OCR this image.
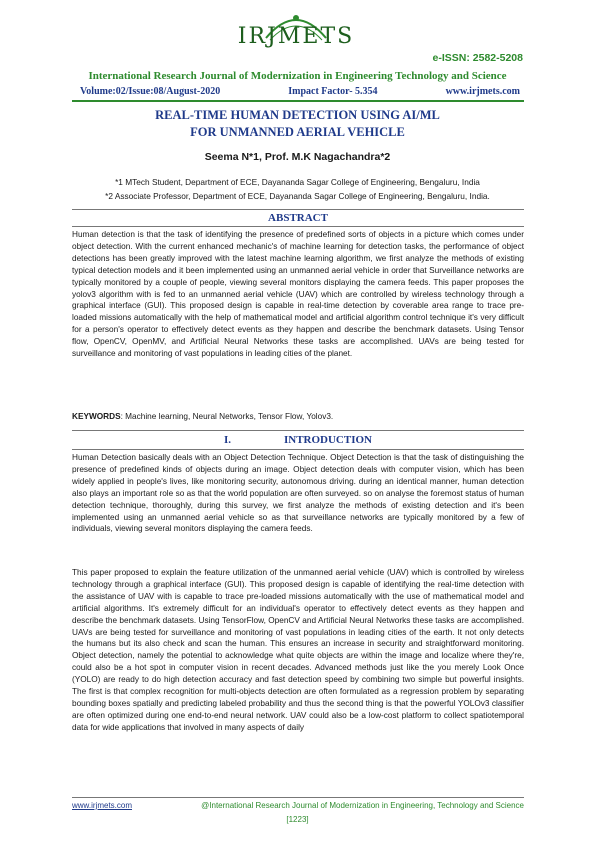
IRJMETS
e-ISSN: 2582-5208
International Research Journal of Modernization in Engineering Technology and Science
Volume:02/Issue:08/August-2020	Impact Factor- 5.354	www.irjmets.com
REAL-TIME HUMAN DETECTION USING AI/ML
FOR UNMANNED AERIAL VEHICLE
Seema N*1, Prof. M.K Nagachandra*2
*1 MTech Student, Department of ECE, Dayananda Sagar College of Engineering, Bengaluru, India
*2 Associate Professor, Department of ECE, Dayananda Sagar College of Engineering, Bengaluru, India.
ABSTRACT

Human detection is that the task of identifying the presence of predefined sorts of objects in a picture which comes under object detection. With the current enhanced mechanic's of machine learning for detection tasks, the performance of object detections has been greatly improved with the latest machine learning algorithm, we first analyze the methods of existing typical detection models and it been implemented using an unmanned aerial vehicle in order that Surveillance networks are typically monitored by a couple of people, viewing several monitors displaying the camera feeds. This paper proposes the yolov3 algorithm with is fed to an unmanned aerial vehicle (UAV) which are controlled by wireless technology through a graphical interface (GUI). This proposed design is capable in real-time detection by coverable area range to trace pre-loaded missions automatically with the help of mathematical model and artificial algorithm control technique it's very difficult for a person's operator to effectively detect events as they happen and describe the benchmark datasets. Using Tensor flow, OpenCV, OpenMV, and Artificial Neural Networks these tasks are accomplished. UAVs are being tested for surveillance and monitoring of vast populations in leading cities of the planet.

KEYWORDS: Machine learning, Neural Networks, Tensor Flow, Yolov3.

I.	INTRODUCTION

Human Detection basically deals with an Object Detection Technique. Object Detection is that the task of distinguishing the presence of predefined kinds of objects during an image. Object detection deals with computer vision, which has been widely applied in people's lives, like monitoring security, autonomous driving. during an identical manner, human detection also plays an important role so as that the world population are often surveyed. so on analyse the foremost status of human detection technique, thoroughly, during this survey, we first analyze the methods of existing detection and it's been implemented using an unmanned aerial vehicle so as that surveillance networks are typically monitored by a few of individuals, viewing several monitors displaying the camera feeds.

This paper proposed to explain the feature utilization of the unmanned aerial vehicle (UAV) which is controlled by wireless technology through a graphical interface (GUI). This proposed design is capable of identifying the real-time detection with the assistance of UAV with is capable to trace pre-loaded missions automatically with the use of mathematical model and artificial algorithms. It's extremely difficult for an individual's operator to effectively detect events as they happen and describe the benchmark datasets. Using TensorFlow, OpenCV and Artificial Neural Networks these tasks are accomplished. UAVs are being tested for surveillance and monitoring of vast populations in leading cities of the earth. It not only detects the humans but its also check and scan the human. This ensures an increase in security and straightforward monitoring. Object detection, namely the potential to acknowledge what quite objects are within the image and localize where they're, could also be a hot spot in computer vision in recent decades. Advanced methods just like the you merely Look Once (YOLO) are ready to do high detection accuracy and fast detection speed by combining two simple but powerful insights. The first is that complex recognition for multi-objects detection are often formulated as a regression problem by separating bounding boxes spatially and predicting labeled probability and thus the second thing is that the powerful YOLOv3 classifier are often optimized during one end-to-end neural network. UAV could also be a low-cost platform to collect spatiotemporal data for wide applications that involved in many aspects of daily

www.irjmets.com	@International Research Journal of Modernization in Engineering, Technology and Science
[1223]
